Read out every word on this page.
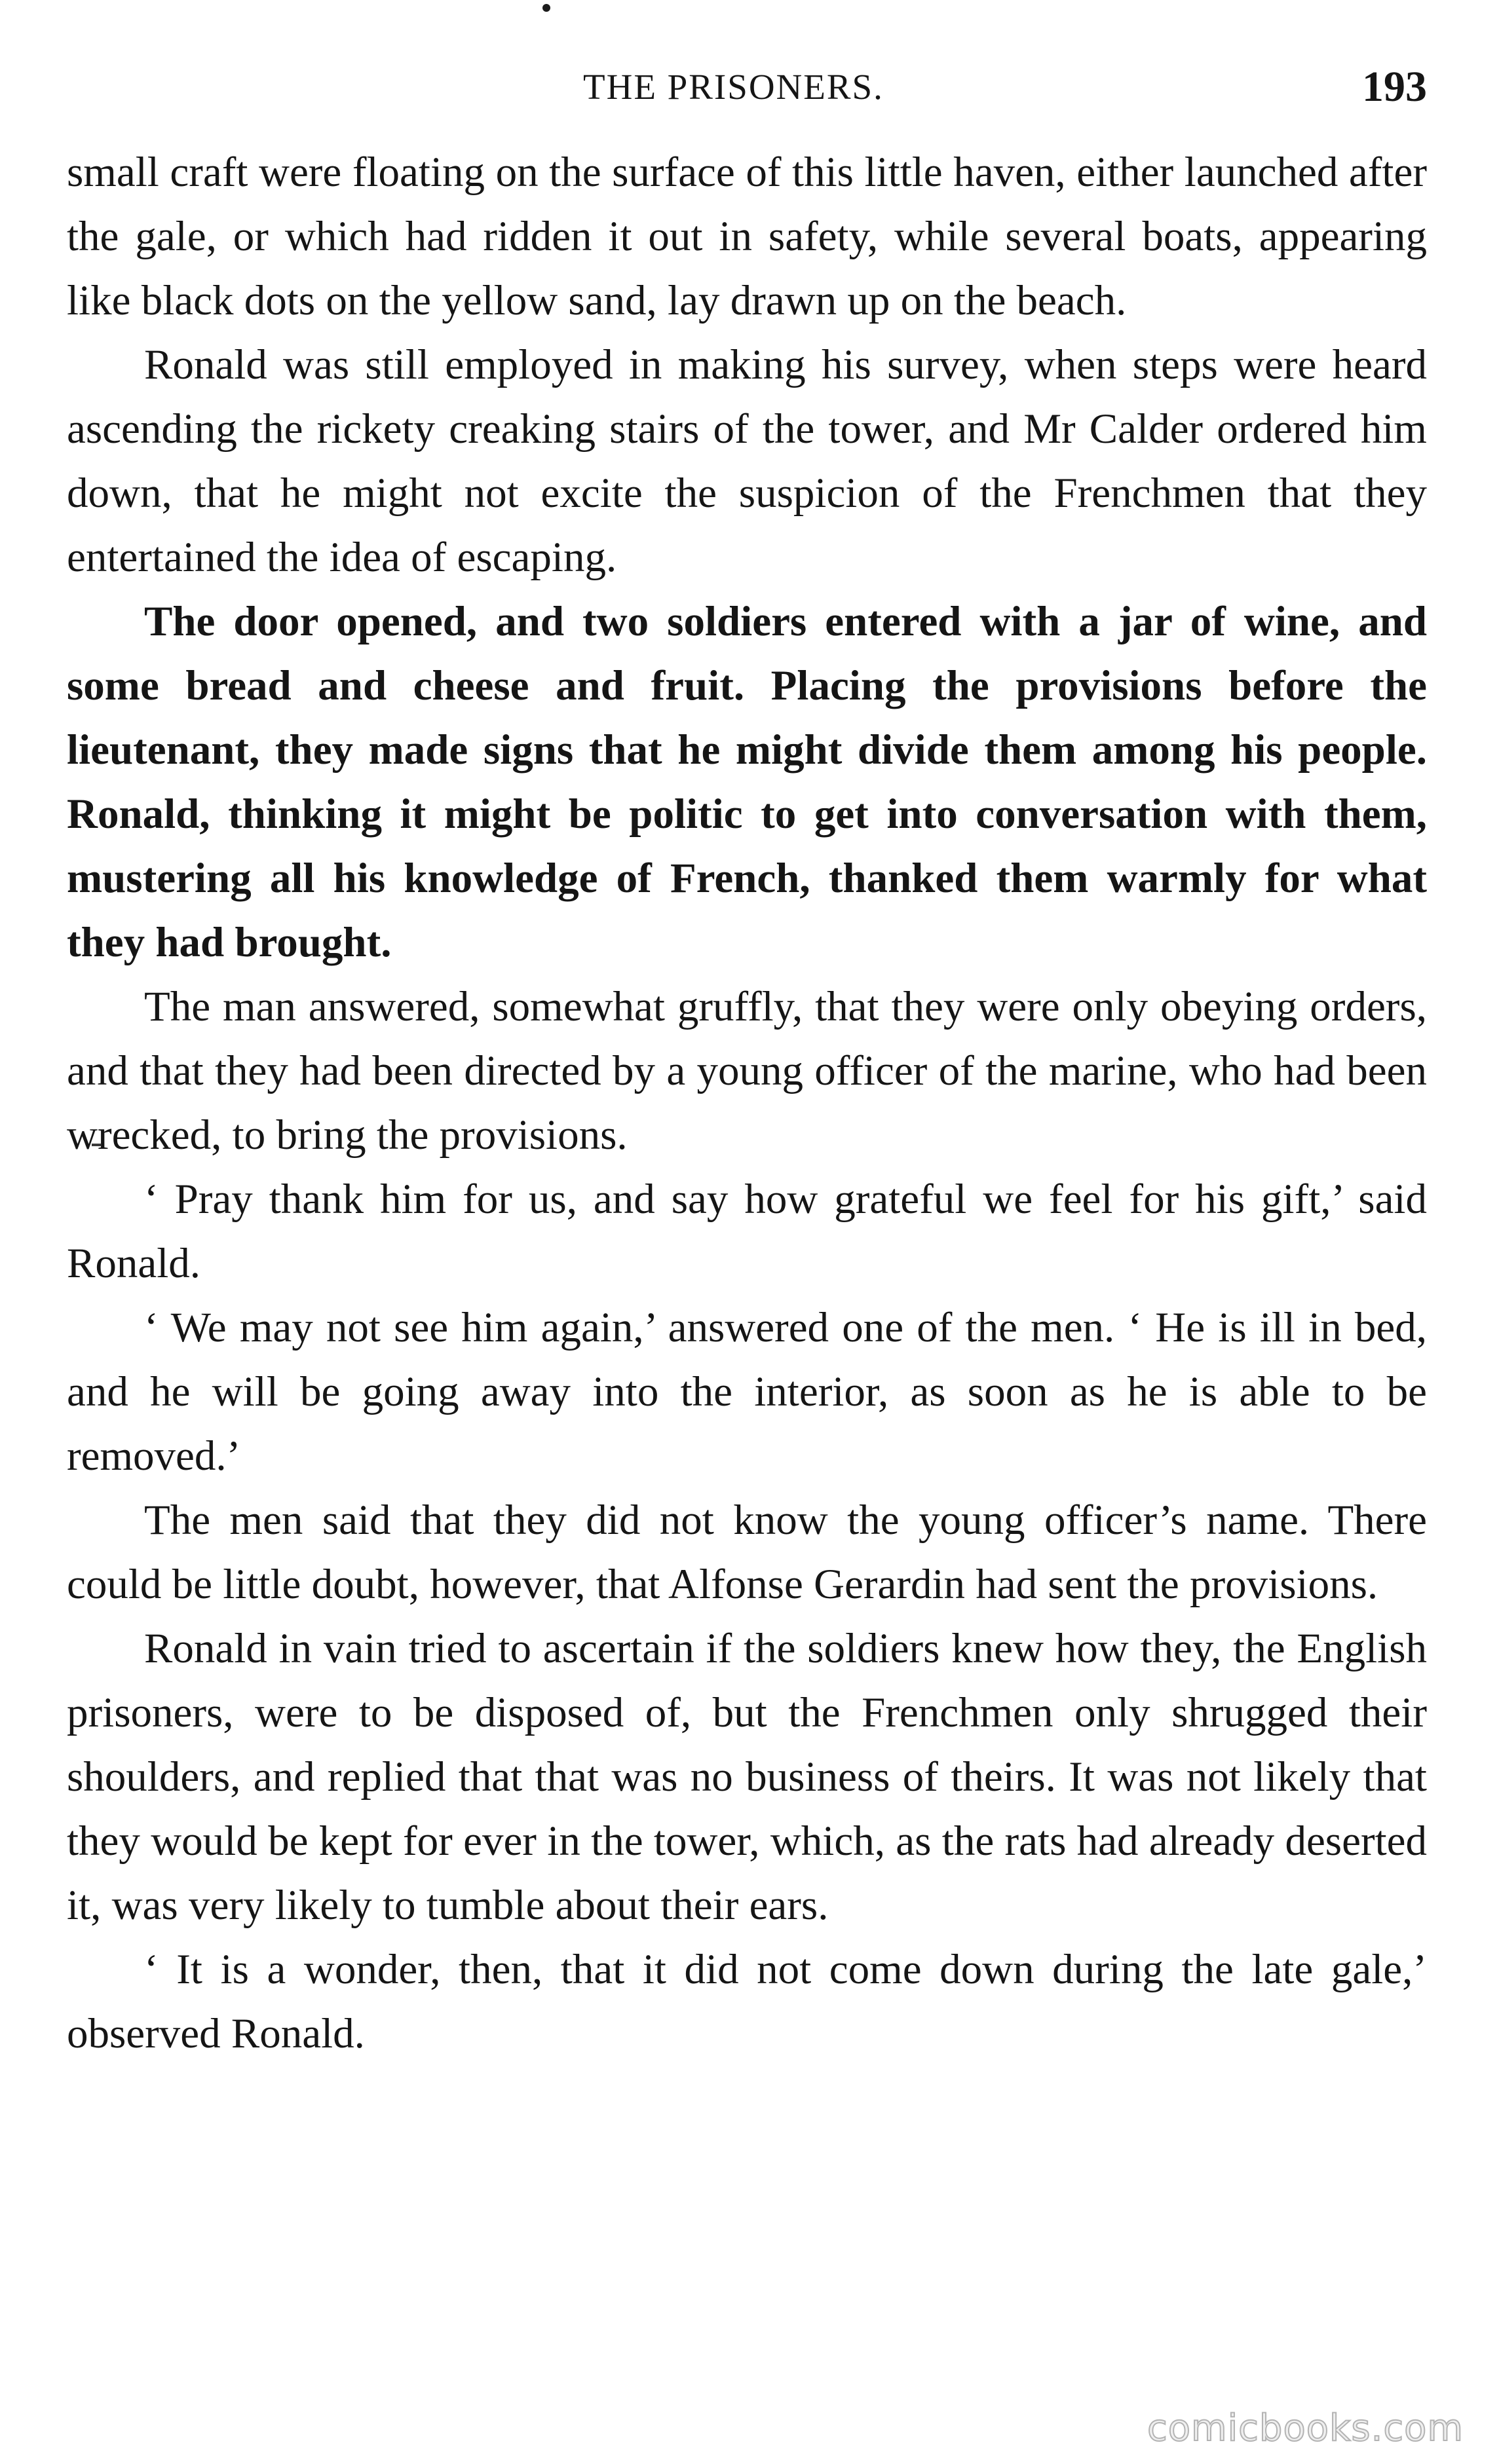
THE PRISONERS.	193

small craft were floating on the surface of this little haven, either launched after the gale, or which had ridden it out in safety, while several boats, appearing like black dots on the yellow sand, lay drawn up on the beach.

Ronald was still employed in making his survey, when steps were heard ascending the rickety creaking stairs of the tower, and Mr Calder ordered him down, that he might not excite the suspicion of the Frenchmen that they entertained the idea of escaping.

The door opened, and two soldiers entered with a jar of wine, and some bread and cheese and fruit. Placing the provisions before the lieutenant, they made signs that he might divide them among his people. Ronald, thinking it might be politic to get into conversation with them, mustering all his knowledge of French, thanked them warmly for what they had brought.

The man answered, somewhat gruffly, that they were only obeying orders, and that they had been directed by a young officer of the marine, who had been wrecked, to bring the provisions.

‘ Pray thank him for us, and say how grateful we feel for his gift,’ said Ronald.

‘ We may not see him again,’ answered one of the men. ‘ He is ill in bed, and he will be going away into the interior, as soon as he is able to be removed.’

The men said that they did not know the young officer’s name. There could be little doubt, however, that Alfonse Gerardin had sent the provisions.

Ronald in vain tried to ascertain if the soldiers knew how they, the English prisoners, were to be disposed of, but the Frenchmen only shrugged their shoulders, and replied that that was no business of theirs. It was not likely that they would be kept for ever in the tower, which, as the rats had already deserted it, was very likely to tumble about their ears.

‘ It is a wonder, then, that it did not come down during the late gale,’ observed Ronald.

comicbooks.com
